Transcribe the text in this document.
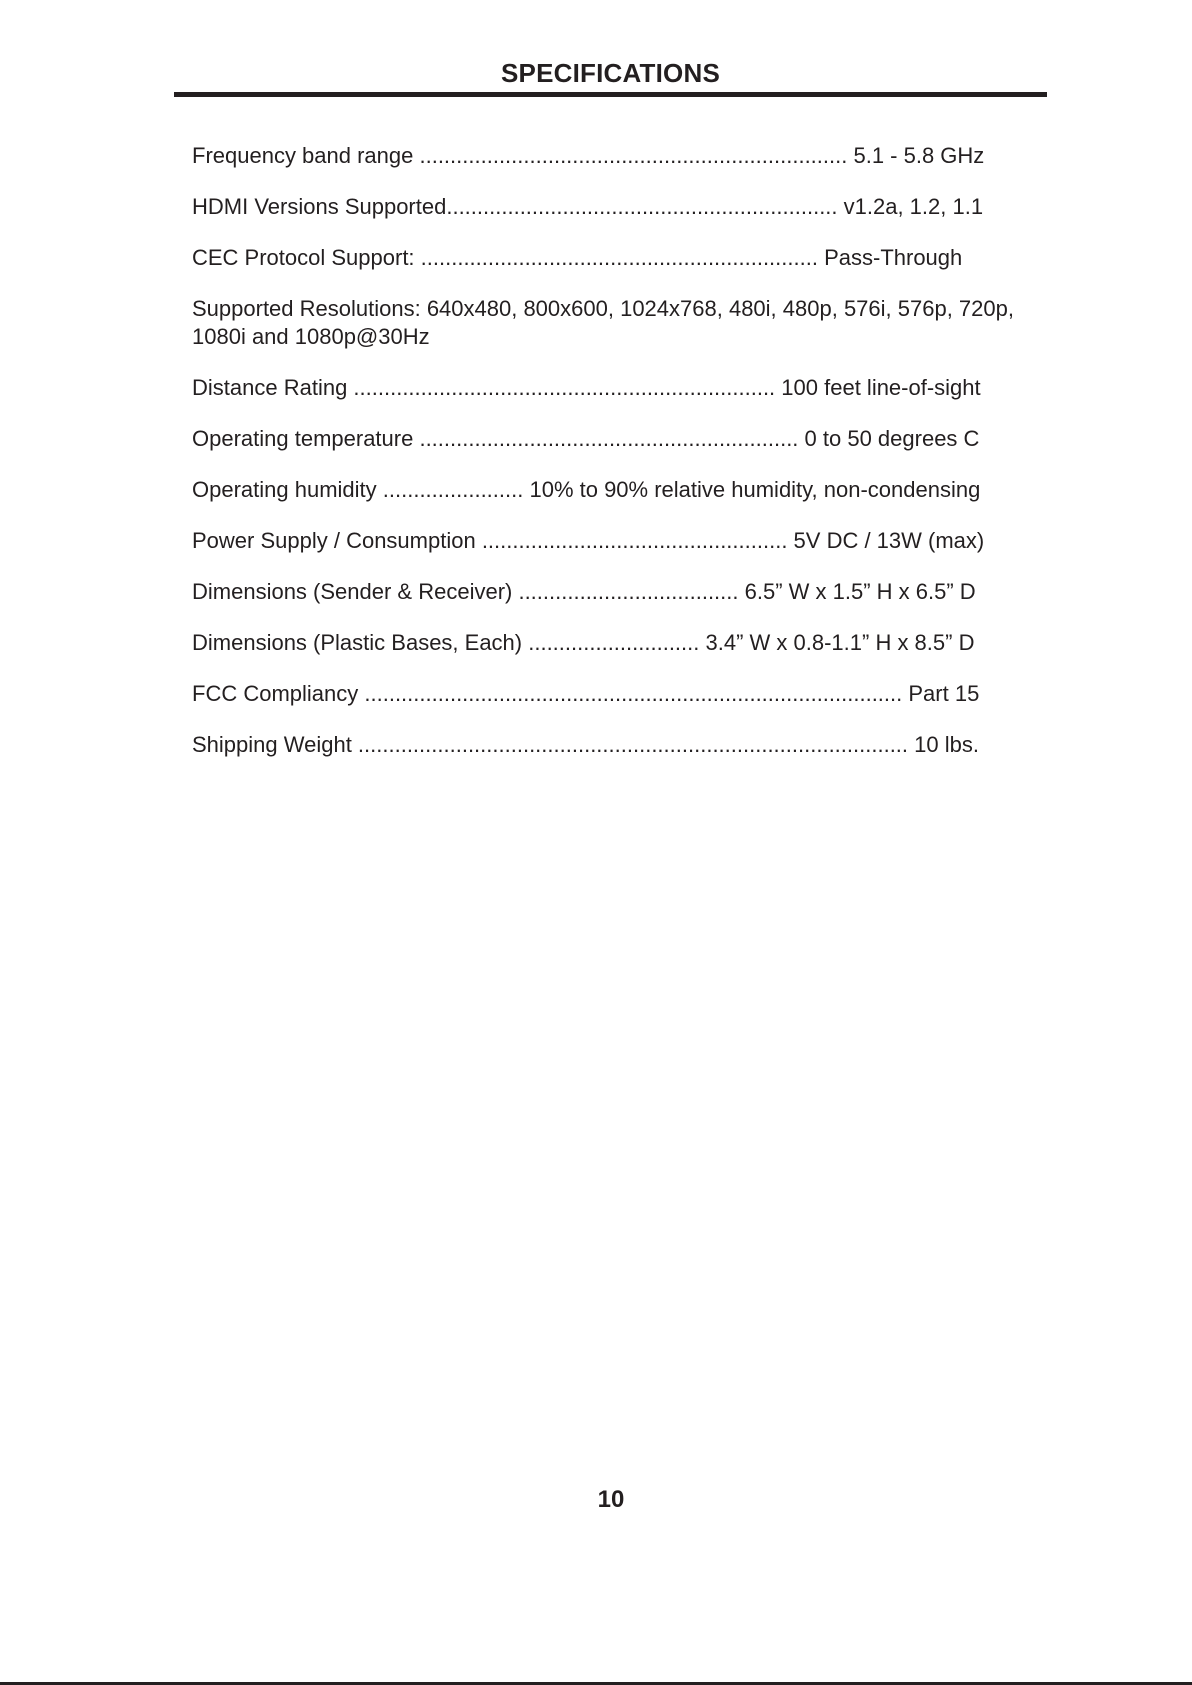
SPECIFICATIONS
Frequency band range ...................................................................... 5.1 - 5.8 GHz
HDMI Versions Supported................................................................ v1.2a, 1.2, 1.1
CEC Protocol Support: ................................................................. Pass-Through
Supported Resolutions: 640x480, 800x600, 1024x768, 480i, 480p, 576i, 576p, 720p, 1080i and 1080p@30Hz
Distance Rating ..................................................................... 100 feet line-of-sight
Operating temperature .............................................................. 0 to 50 degrees C
Operating humidity ....................... 10% to 90% relative humidity, non-condensing
Power Supply / Consumption .................................................. 5V DC / 13W (max)
Dimensions (Sender & Receiver) .................................... 6.5” W x 1.5” H x 6.5” D
Dimensions (Plastic Bases, Each) ............................ 3.4” W x 0.8-1.1” H x 8.5” D
FCC Compliancy ........................................................................................ Part 15
Shipping Weight .......................................................................................... 10 lbs.
10
